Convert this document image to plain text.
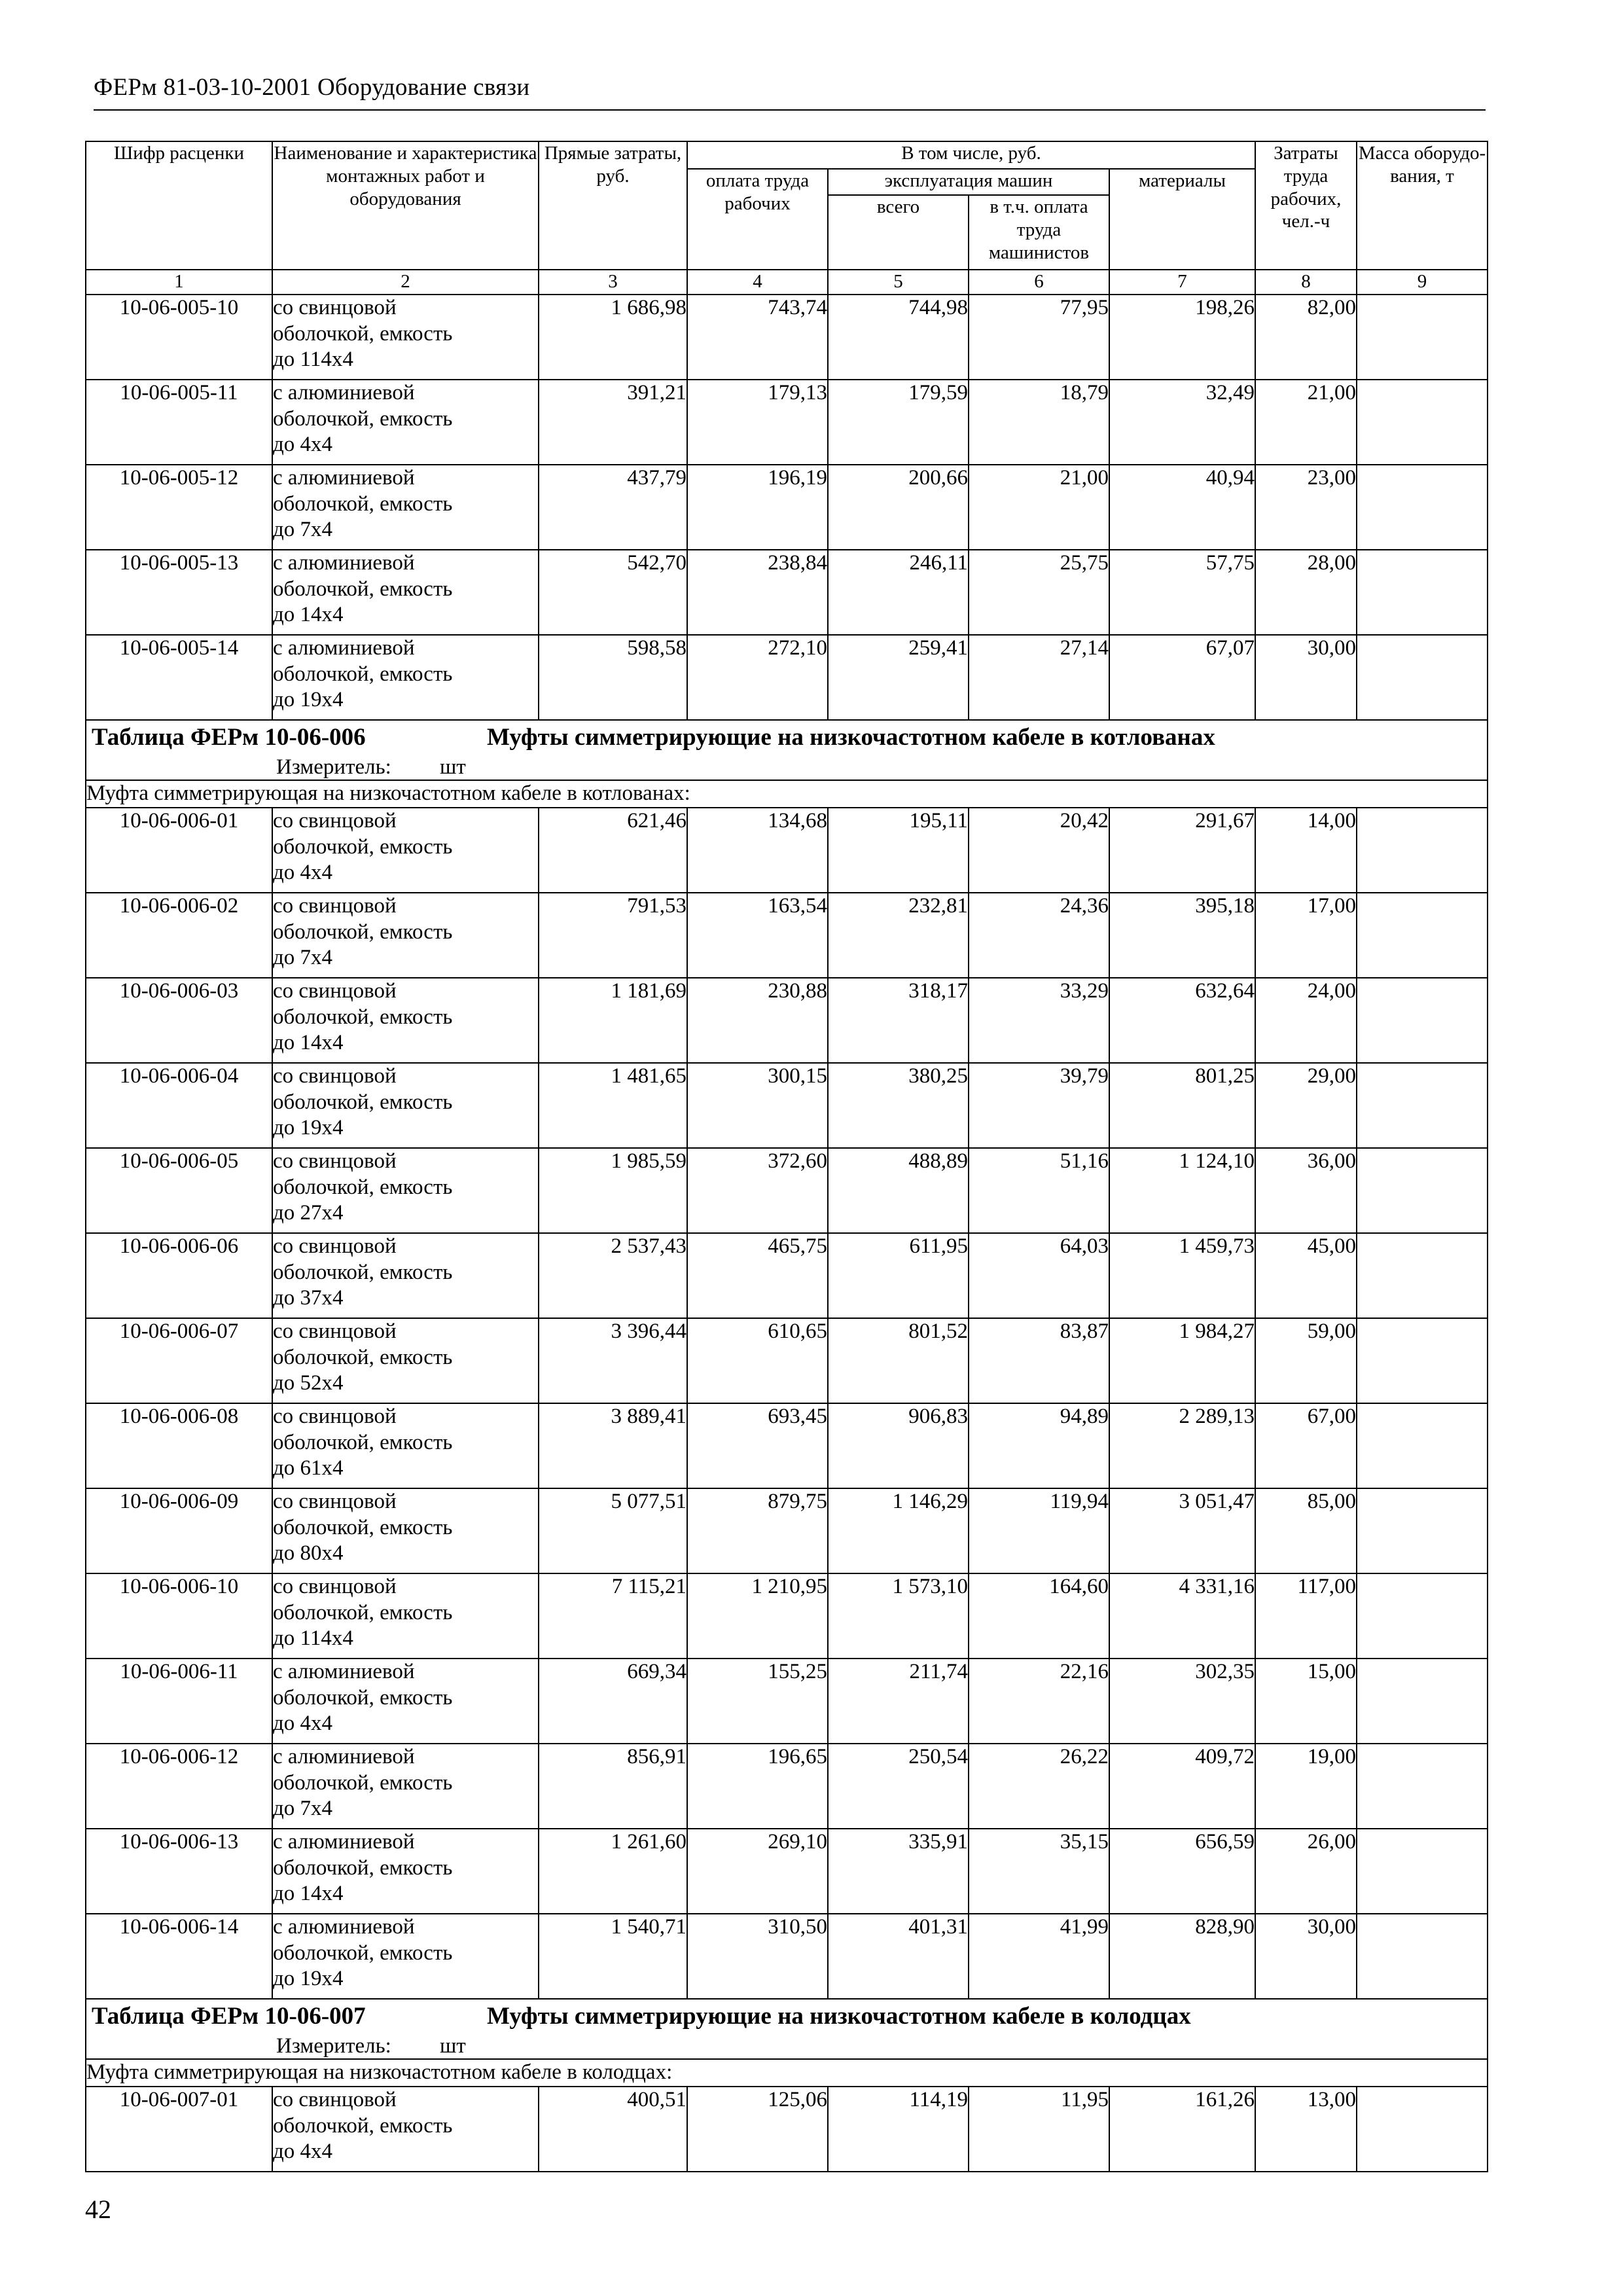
ФЕРм 81-03-10-2001 Оборудование связи
Шифр расценки	Наименование и характеристика монтажных работ и оборудования	Прямые затраты, руб.	В том числе, руб.				Затраты труда рабочих, чел.-ч	Масса оборудо-вания, т
			оплата труда рабочих	эксплуатация машин		материалы		
				всего	в т.ч. оплата труда машинистов			
1	2	3	4	5	6	7	8	9
10-06-005-10	со свинцовой
оболочкой, емкость
до 114х4	1 686,98	743,74	744,98	77,95	198,26	82,00	
10-06-005-11	с алюминиевой
оболочкой, емкость
до 4х4	391,21	179,13	179,59	18,79	32,49	21,00	
10-06-005-12	с алюминиевой
оболочкой, емкость
до 7х4	437,79	196,19	200,66	21,00	40,94	23,00	
10-06-005-13	с алюминиевой
оболочкой, емкость
до 14х4	542,70	238,84	246,11	25,75	57,75	28,00	
10-06-005-14	с алюминиевой
оболочкой, емкость
до 19х4	598,58	272,10	259,41	27,14	67,07	30,00	

Таблица ФЕРм 10-06-006 Муфты симметрирующие на низкочастотном кабеле в котлованах
Измеритель: шт								

Муфта симметрирующая на низкочастотном кабеле в котлованах:								
10-06-006-01	со свинцовой
оболочкой, емкость
до 4х4	621,46	134,68	195,11	20,42	291,67	14,00	
10-06-006-02	со свинцовой
оболочкой, емкость
до 7х4	791,53	163,54	232,81	24,36	395,18	17,00	
10-06-006-03	со свинцовой
оболочкой, емкость
до 14х4	1 181,69	230,88	318,17	33,29	632,64	24,00	
10-06-006-04	со свинцовой
оболочкой, емкость
до 19х4	1 481,65	300,15	380,25	39,79	801,25	29,00	
10-06-006-05	со свинцовой
оболочкой, емкость
до 27х4	1 985,59	372,60	488,89	51,16	1 124,10	36,00	
10-06-006-06	со свинцовой
оболочкой, емкость
до 37х4	2 537,43	465,75	611,95	64,03	1 459,73	45,00	
10-06-006-07	со свинцовой
оболочкой, емкость
до 52х4	3 396,44	610,65	801,52	83,87	1 984,27	59,00	
10-06-006-08	со свинцовой
оболочкой, емкость
до 61х4	3 889,41	693,45	906,83	94,89	2 289,13	67,00	
10-06-006-09	со свинцовой
оболочкой, емкость
до 80х4	5 077,51	879,75	1 146,29	119,94	3 051,47	85,00	
10-06-006-10	со свинцовой
оболочкой, емкость
до 114х4	7 115,21	1 210,95	1 573,10	164,60	4 331,16	117,00	
10-06-006-11	с алюминиевой
оболочкой, емкость
до 4х4	669,34	155,25	211,74	22,16	302,35	15,00	
10-06-006-12	с алюминиевой
оболочкой, емкость
до 7х4	856,91	196,65	250,54	26,22	409,72	19,00	
10-06-006-13	с алюминиевой
оболочкой, емкость
до 14х4	1 261,60	269,10	335,91	35,15	656,59	26,00	
10-06-006-14	с алюминиевой
оболочкой, емкость
до 19х4	1 540,71	310,50	401,31	41,99	828,90	30,00	

Таблица ФЕРм 10-06-007 Муфты симметрирующие на низкочастотном кабеле в колодцах
Измеритель: шт								

Муфта симметрирующая на низкочастотном кабеле в колодцах:								
10-06-007-01	со свинцовой
оболочкой, емкость
до 4х4	400,51	125,06	114,19	11,95	161,26	13,00	
42
